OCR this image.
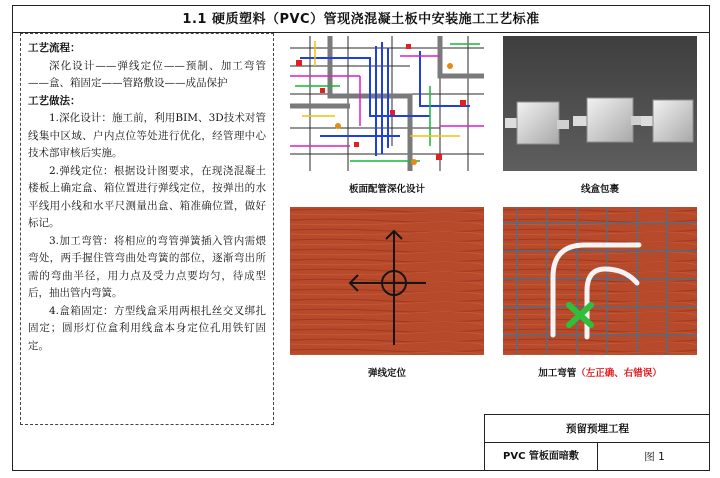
1.1 硬质塑料（PVC）管现浇混凝土板中安装施工工艺标准
工艺流程：
深化设计——弹线定位——预制、加工弯管——盒、箱固定——管路敷设——成品保护
工艺做法：
1.深化设计：施工前，利用BIM、3D技术对管线集中区域、户内点位等处进行优化，经管理中心技术部审核后实施。
2.弹线定位：根据设计图要求，在现浇混凝土楼板上确定盒、箱位置进行弹线定位，按弹出的水平线用小线和水平尺测量出盒、箱准确位置，做好标记。
3.加工弯管：将相应的弯管弹簧插入管内需煨弯处，两手握住管弯曲处弯簧的部位，逐渐弯出所需的弯曲半径，用力点及受力点要均匀，待成型后，抽出管内弯簧。
4.盒箱固定：方型线盒采用两根扎丝交叉绑扎固定；圆形灯位盒利用线盒本身定位孔用铁钉固定。
板面配管深化设计	线盒包裹
弹线定位	加工弯管（左正确、右错误）
预留预埋工程
PVC 管板面暗敷	图 1
